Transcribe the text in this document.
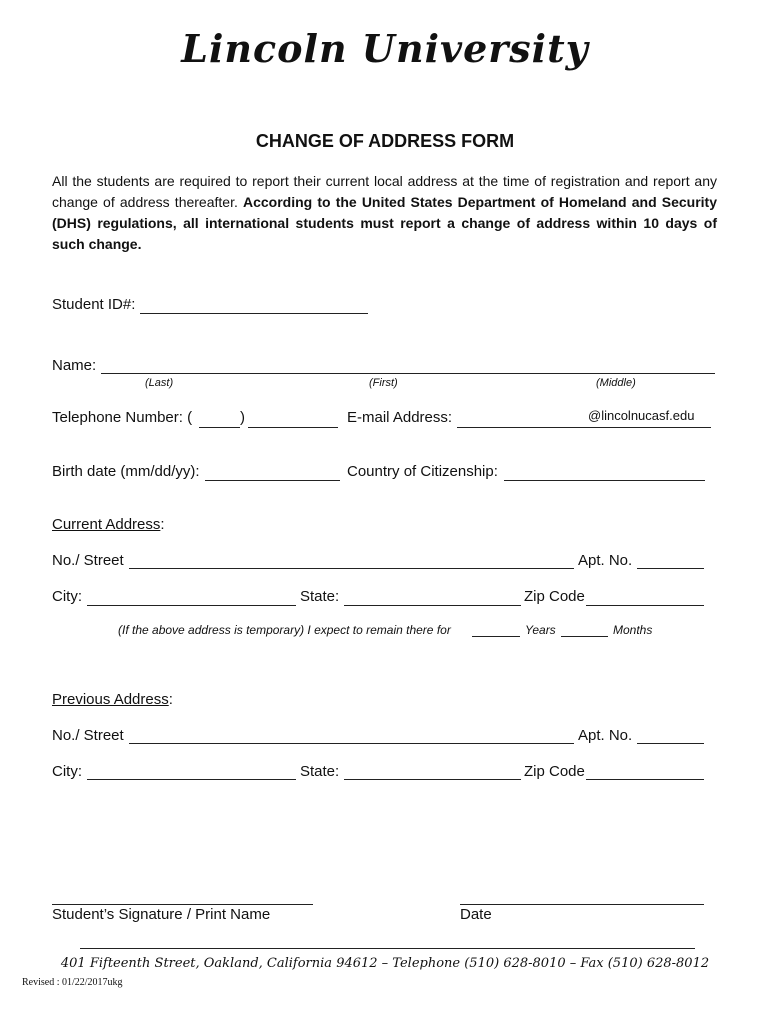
Lincoln University
CHANGE OF ADDRESS FORM
All the students are required to report their current local address at the time of registration and report any change of address thereafter. According to the United States Department of Homeland and Security (DHS) regulations, all international students must report a change of address within 10 days of such change.
Student ID#:
Name:
(Last)	(First)	(Middle)
Telephone Number: (	)	E-mail Address:	@lincolnucasf.edu
Birth date (mm/dd/yy):	Country of Citizenship:
Current Address:
No./ Street	Apt. No.
City:	State:	Zip Code
(If the above address is temporary) I expect to remain there for	Years	Months
Previous Address:
No./ Street	Apt. No.
City:	State:	Zip Code
Student’s Signature / Print Name	Date
401 Fifteenth Street, Oakland, California 94612 – Telephone (510) 628-8010 – Fax (510) 628-8012
Revised : 01/22/2017ukg
